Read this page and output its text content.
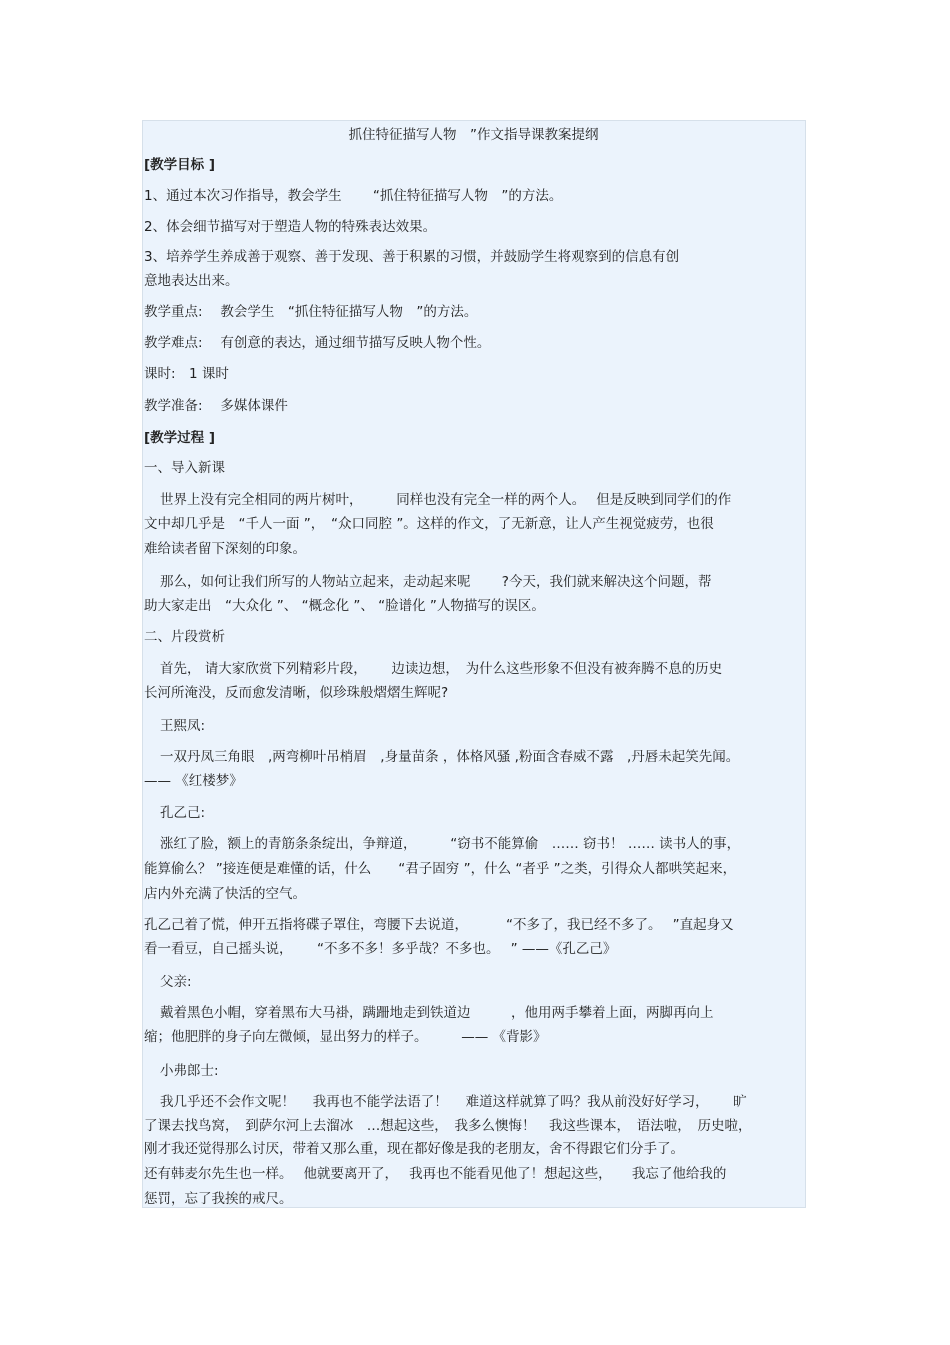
抓住特征描写人物　”作文指导课教案提纲
[教学目标 ]
1、通过本次习作指导，教会学生　　 “抓住特征描写人物　”的方法。
2、体会细节描写对于塑造人物的特殊表达效果。
3、培养学生养成善于观察、善于发现、善于积累的习惯，并鼓励学生将观察到的信息有创
意地表达出来。
教学重点:　 教会学生　“抓住特征描写人物　”的方法。
教学难点:　 有创意的表达，通过细节描写反映人物个性。
课时:　1 课时
教学准备:　 多媒体课件
[教学过程 ]
一、导入新课
世界上没有完全相同的两片树叶，　　　同样也没有完全一样的两个人。　 但是反映到同学们的作
文中却几乎是　“千人一面 ”，　“众口同腔 ”。这样的作文，了无新意，让人产生视觉疲劳，也很
难给读者留下深刻的印象。
那么，如何让我们所写的人物站立起来，走动起来呢　　 ?今天，我们就来解决这个问题，帮
助大家走出　“大众化 ”、 “概念化 ”、 “脸谱化 ”人物描写的误区。
二、片段赏析
首先， 请大家欣赏下列精彩片段，　　 边读边想，　为什么这些形象不但没有被奔腾不息的历史
长河所淹没，反而愈发清晰，似珍珠般熠熠生辉呢?
王熙凤:
一双丹凤三角眼　,两弯柳叶吊梢眉　,身量苗条 ，体格风骚 ,粉面含春威不露　,丹唇未起笑先闻。
—— 《红楼梦》
孔乙己:
涨红了脸，额上的青筋条条绽出，争辩道，　　　“窃书不能算偷　…… 窃书！ …… 读书人的事，
能算偷么？ ”接连便是难懂的话，什么　　“君子固穷 ”，什么 “者乎 ”之类，引得众人都哄笑起来，
店内外充满了快活的空气。
孔乙己着了慌，伸开五指将碟子罩住，弯腰下去说道，　　　 “不多了，我已经不多了。　 ”直起身又
看一看豆，自己摇头说，　　 “不多不多！多乎哉？不多也。　 ” ——《孔乙己》
父亲:
戴着黑色小帽，穿着黑布大马褂，蹒跚地走到铁道边　　　，他用两手攀着上面，两脚再向上
缩；他肥胖的身子向左微倾，显出努力的样子。　　　—— 《背影》
小弗郎士:
我几乎还不会作文呢！　 我再也不能学法语了！　 难道这样就算了吗？我从前没好好学习，　　 旷
了课去找鸟窝，　到萨尔河上去溜冰　…想起这些，　我多么懊悔！　我这些课本，　语法啦，　历史啦，
刚才我还觉得那么讨厌，带着又那么重，现在都好像是我的老朋友，舍不得跟它们分手了。
还有韩麦尔先生也一样。　 他就要离开了，　 我再也不能看见他了！想起这些，　　我忘了他给我的
惩罚，忘了我挨的戒尺。
